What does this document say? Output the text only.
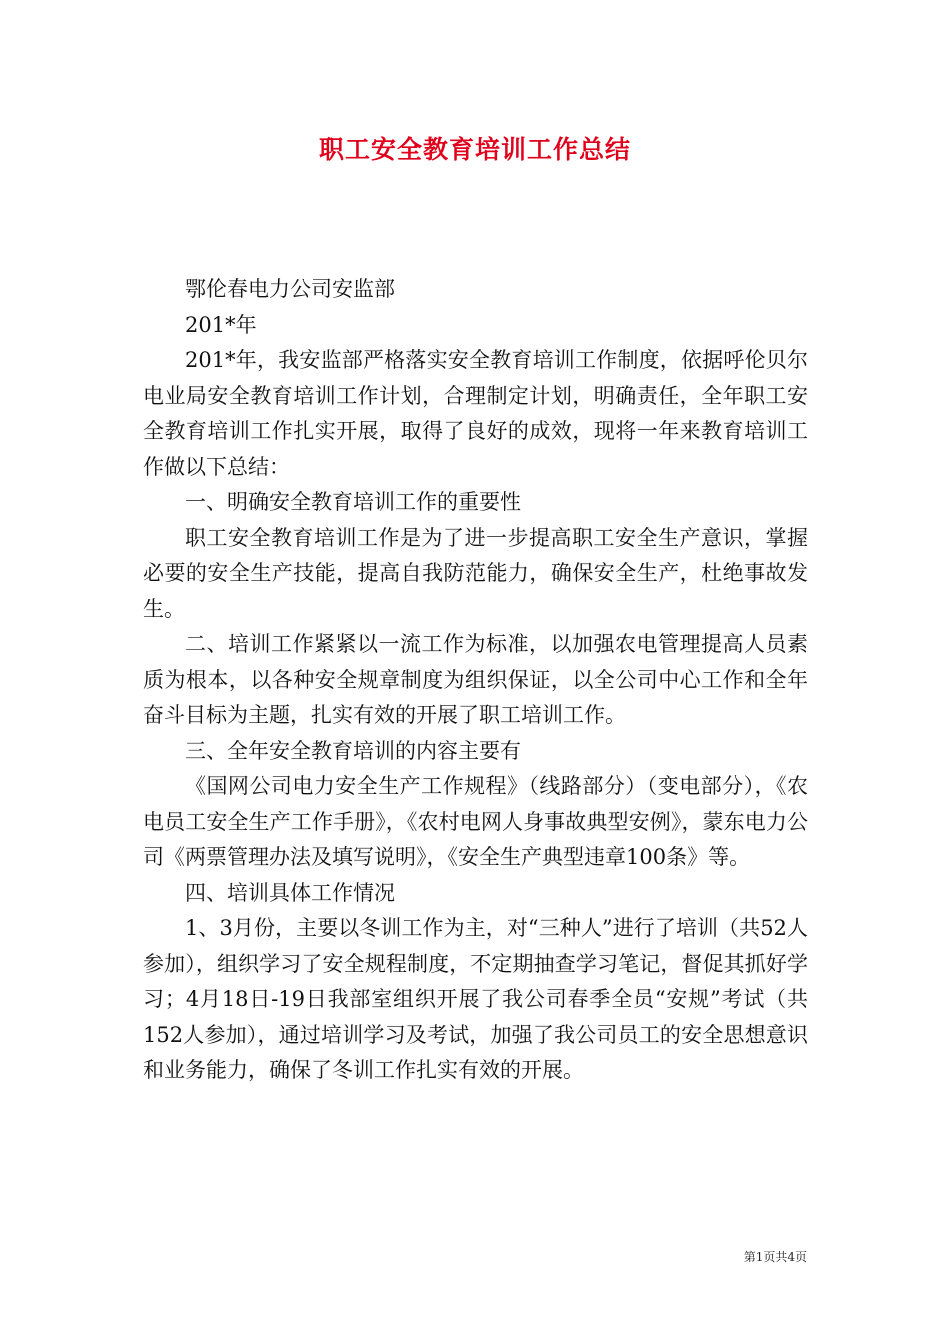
职工安全教育培训工作总结

鄂伦春电力公司安监部

201*年

201*年，我安监部严格落实安全教育培训工作制度，依据呼伦贝尔电业局安全教育培训工作计划，合理制定计划，明确责任，全年职工安全教育培训工作扎实开展，取得了良好的成效，现将一年来教育培训工作做以下总结：

一、明确安全教育培训工作的重要性

职工安全教育培训工作是为了进一步提高职工安全生产意识，掌握必要的安全生产技能，提高自我防范能力，确保安全生产，杜绝事故发生。

二、培训工作紧紧以一流工作为标准，以加强农电管理提高人员素质为根本，以各种安全规章制度为组织保证，以全公司中心工作和全年奋斗目标为主题，扎实有效的开展了职工培训工作。

三、全年安全教育培训的内容主要有

《国网公司电力安全生产工作规程》（线路部分）（变电部分），《农电员工安全生产工作手册》，《农村电网人身事故典型安例》，蒙东电力公司《两票管理办法及填写说明》，《安全生产典型违章100条》等。

四、培训具体工作情况

1、3月份，主要以冬训工作为主，对“三种人”进行了培训（共52人参加），组织学习了安全规程制度，不定期抽查学习笔记，督促其抓好学习；4月18日-19日我部室组织开展了我公司春季全员“安规”考试（共152人参加），通过培训学习及考试，加强了我公司员工的安全思想意识和业务能力，确保了冬训工作扎实有效的开展。

第1页共4页
